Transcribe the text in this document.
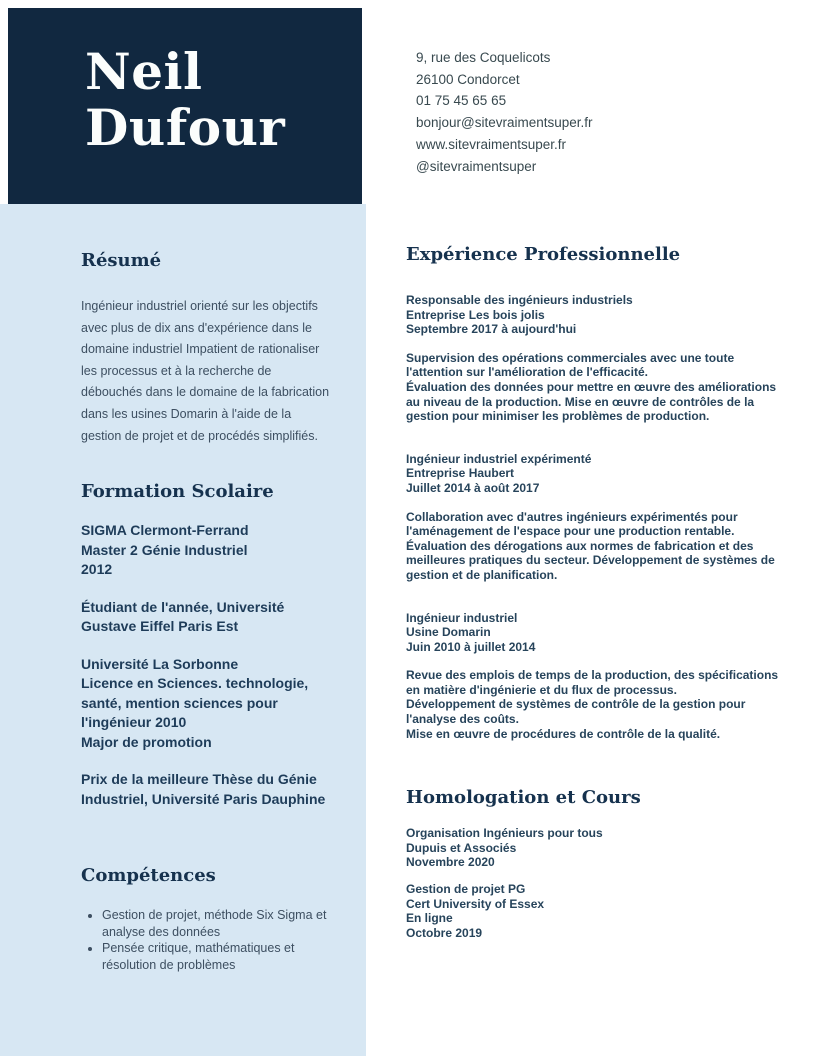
Neil
Dufour
9, rue des Coquelicots
26100 Condorcet
01 75 45 65 65
bonjour@sitevraimentsuper.fr
www.sitevraimentsuper.fr
@sitevraimentsuper
Résumé

Ingénieur industriel orienté sur les objectifs avec plus de dix ans d'expérience dans le domaine industriel Impatient de rationaliser les processus et à la recherche de débouchés dans le domaine de la fabrication dans les usines Domarin à l'aide de la gestion de projet et de procédés simplifiés.

Formation Scolaire
SIGMA Clermont-Ferrand
Master 2 Génie Industriel
2012
Étudiant de l'année, Université Gustave Eiffel Paris Est
Université La Sorbonne
Licence en Sciences. technologie, santé, mention sciences pour l'ingénieur 2010
Major de promotion
Prix de la meilleure Thèse du Génie Industriel, Université Paris Dauphine
Compétences
• Gestion de projet, méthode Six Sigma et analyse des données
• Pensée critique, mathématiques et résolution de problèmes
Expérience Professionnelle
Responsable des ingénieurs industriels
Entreprise Les bois jolis
Septembre 2017 à aujourd'hui
Supervision des opérations commerciales avec une toute l'attention sur l'amélioration de l'efficacité.
Évaluation des données pour mettre en œuvre des améliorations au niveau de la production. Mise en œuvre de contrôles de la gestion pour minimiser les problèmes de production.
Ingénieur industriel expérimenté
Entreprise Haubert
Juillet 2014 à août 2017
Collaboration avec d'autres ingénieurs expérimentés pour l'aménagement de l'espace pour une production rentable.
Évaluation des dérogations aux normes de fabrication et des meilleures pratiques du secteur. Développement de systèmes de gestion et de planification.
Ingénieur industriel
Usine Domarin
Juin 2010 à juillet 2014
Revue des emplois de temps de la production, des spécifications en matière d'ingénierie et du flux de processus.
Développement de systèmes de contrôle de la gestion pour l'analyse des coûts.
Mise en œuvre de procédures de contrôle de la qualité.
Homologation et Cours
Organisation Ingénieurs pour tous
Dupuis et Associés
Novembre 2020
Gestion de projet PG
Cert University of Essex
En ligne
Octobre 2019
